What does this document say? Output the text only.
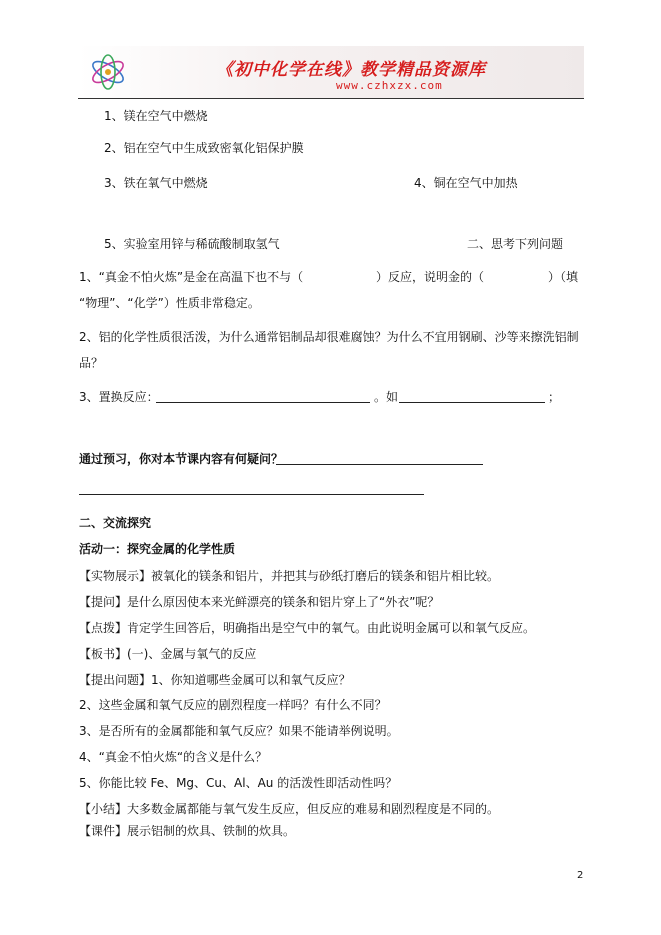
《初中化学在线》教学精品资源库
www.czhxzx.com
1、镁在空气中燃烧
2、铝在空气中生成致密氧化铝保护膜
3、铁在氧气中燃烧	4、铜在空气中加热
5、实验室用锌与稀硫酸制取氢气	二、思考下列问题
1、“真金不怕火炼”是金在高温下也不与（	）反应，说明金的（	）（填
“物理”、“化学”）性质非常稳定。
2、铝的化学性质很活泼，为什么通常铝制品却很难腐蚀？为什么不宜用钢刷、沙等来擦洗铝制
品？
3、置换反应：	。如	；
通过预习，你对本节课内容有何疑问？
二、交流探究
活动一：探究金属的化学性质
【实物展示】被氧化的镁条和铝片，并把其与砂纸打磨后的镁条和铝片相比较。
【提问】是什么原因使本来光鲜漂亮的镁条和铝片穿上了“外衣”呢？
【点拨】肯定学生回答后，明确指出是空气中的氧气。由此说明金属可以和氧气反应。
【板书】(一)、金属与氧气的反应
【提出问题】1、你知道哪些金属可以和氧气反应？
2、这些金属和氧气反应的剧烈程度一样吗？有什么不同？
3、是否所有的金属都能和氧气反应？如果不能请举例说明。
4、“真金不怕火炼“的含义是什么？
5、你能比较 Fe、Mg、Cu、Al、Au 的活泼性即活动性吗？
【小结】大多数金属都能与氧气发生反应，但反应的难易和剧烈程度是不同的。
【课件】展示铝制的炊具、铁制的炊具。
2
